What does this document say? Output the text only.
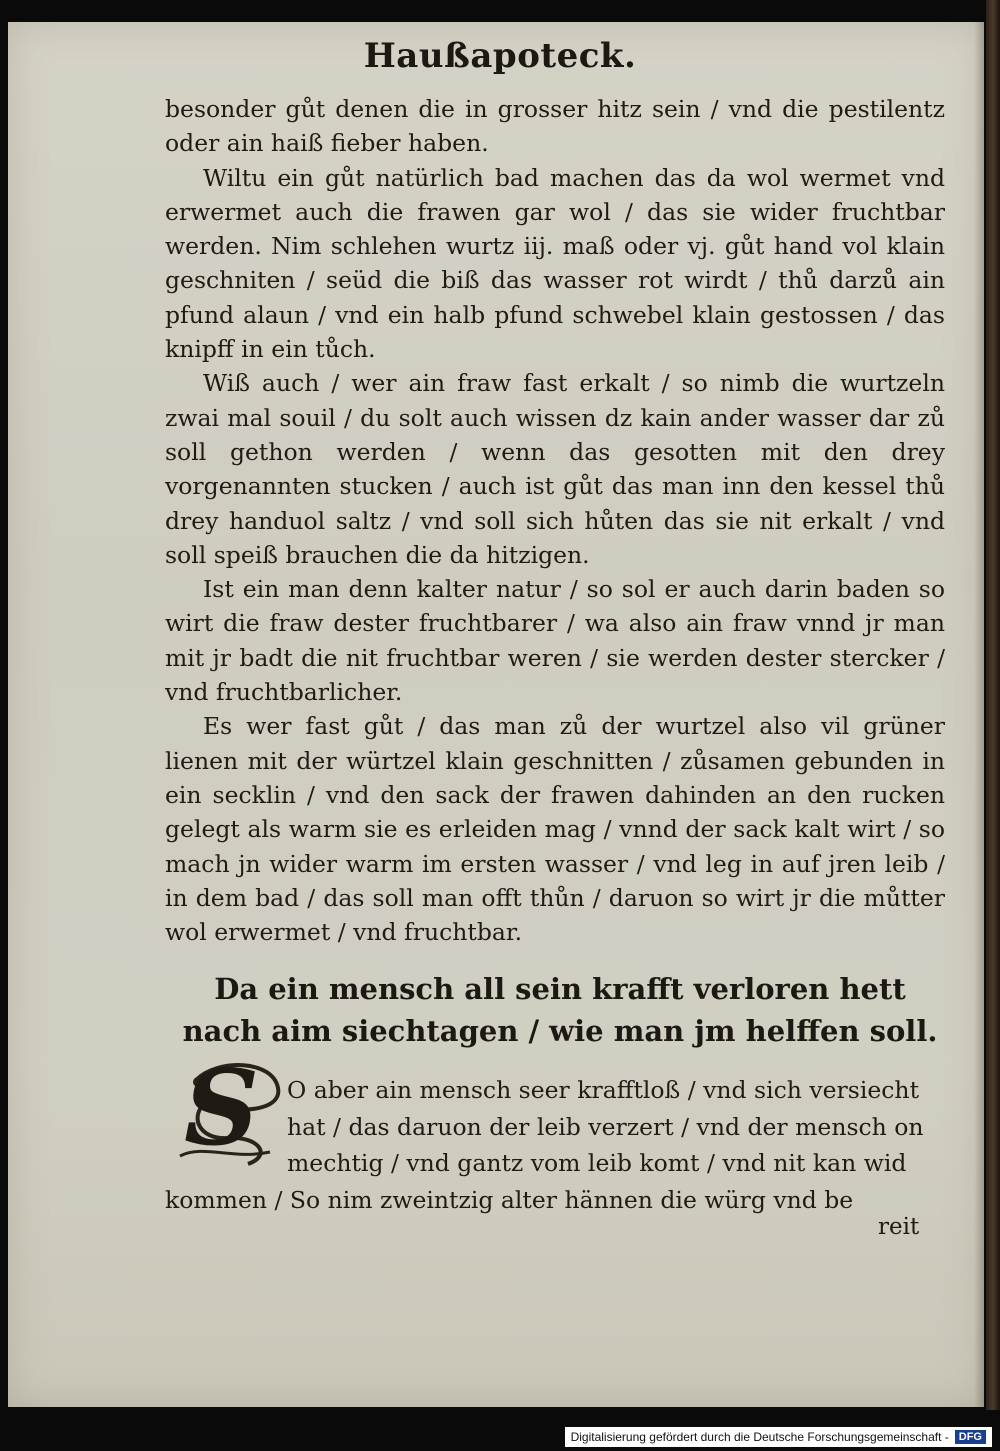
Haußapoteck.

besonder gůt denen die in grosser hitz sein / vnd die pestilentz oder ain haiß fieber haben.

Wiltu ein gůt natürlich bad machen das da wol wermet vnd erwermet auch die frawen gar wol / das sie wider fruchtbar werden. Nim schlehen wurtz iij. maß oder vj. gůt hand vol klain geschniten / seüd die biß das wasser rot wirdt / thů darzů ain pfund alaun / vnd ein halb pfund schwebel klain gestossen / das knipff in ein tůch.

Wiß auch / wer ain fraw fast erkalt / so nimb die wurtzeln zwai mal souil / du solt auch wissen dz kain ander wasser dar zů soll gethon werden / wenn das gesotten mit den drey vorgenannten stucken / auch ist gůt das man inn den kessel thů drey handuol saltz / vnd soll sich hůten das sie nit erkalt / vnd soll speiß brauchen die da hitzigen.

Ist ein man denn kalter natur / so sol er auch darin baden so wirt die fraw dester fruchtbarer / wa also ain fraw vnnd jr man mit jr badt die nit fruchtbar weren / sie werden dester stercker / vnd fruchtbarlicher.

Es wer fast gůt / das man zů der wurtzel also vil grüner lienen mit der würtzel klain geschnitten / zůsamen gebunden in ein secklin / vnd den sack der frawen dahinden an den rucken gelegt als warm sie es erleiden mag / vnnd der sack kalt wirt / so mach jn wider warm im ersten wasser / vnd leg in auf jren leib / in dem bad / das soll man offt thůn / daruon so wirt jr die můtter wol erwermet / vnd fruchtbar.

Da ein mensch all sein krafft verloren hett nach aim siechtagen / wie man jm helffen soll.
S	O aber ain mensch seer krafftloß / vnd sich versiecht
hat / das daruon der leib verzert / vnd der mensch on
mechtig / vnd gantz vom leib komt / vnd nit kan wid
kommen / So nim zweintzig alter hännen die würg vnd be
reit
Digitalisierung gefördert durch die Deutsche Forschungsgemeinschaft - DFG
